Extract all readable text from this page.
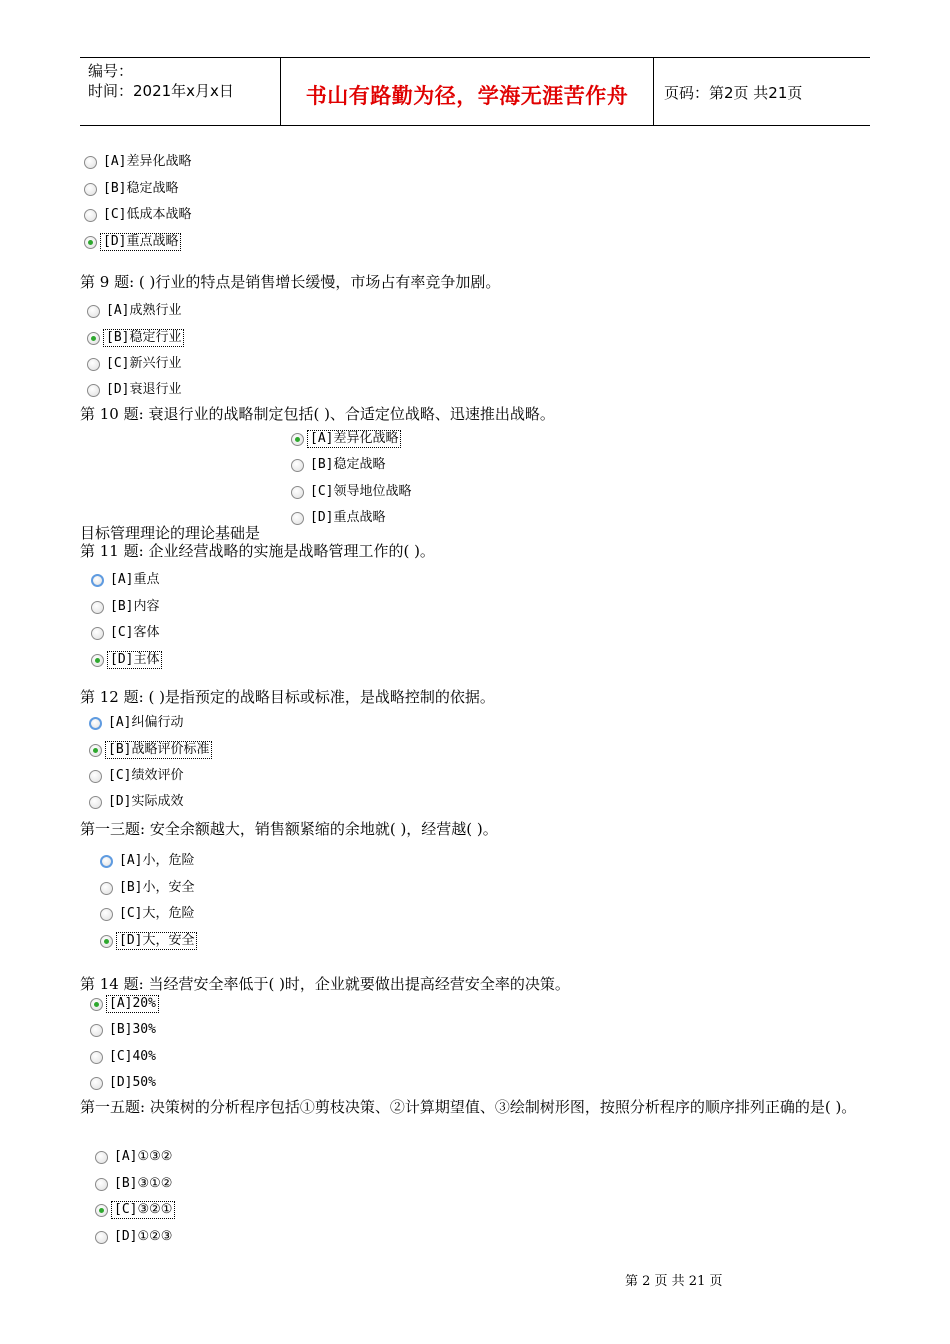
编号：
时间：2021年x月x日	书山有路勤为径，学海无涯苦作舟	页码：第2页 共21页
[A]差异化战略
[B]稳定战略
[C]低成本战略
[D]重点战略
第 9 题: ( )行业的特点是销售增长缓慢，市场占有率竞争加剧。
[A]成熟行业
[B]稳定行业
[C]新兴行业
[D]衰退行业
第 10 题: 衰退行业的战略制定包括( )、合适定位战略、迅速推出战略。
[A]差异化战略
[B]稳定战略
[C]领导地位战略
[D]重点战略
目标管理理论的理论基础是
第 11 题: 企业经营战略的实施是战略管理工作的( )。
[A]重点
[B]内容
[C]客体
[D]主体
第 12 题: ( )是指预定的战略目标或标准，是战略控制的依据。
[A]纠偏行动
[B]战略评价标准
[C]绩效评价
[D]实际成效
第一三题: 安全余额越大，销售额紧缩的余地就( )，经营越( )。
[A]小，危险
[B]小，安全
[C]大，危险
[D]大，安全
第 14 题: 当经营安全率低于( )时，企业就要做出提高经营安全率的决策。
[A]20%
[B]30%
[C]40%
[D]50%
第一五题: 决策树的分析程序包括①剪枝决策、②计算期望值、③绘制树形图，按照分析程序的顺序排列正确的是( )。
[A]①③②
[B]③①②
[C]③②①
[D]①②③
第 2 页 共 21 页
